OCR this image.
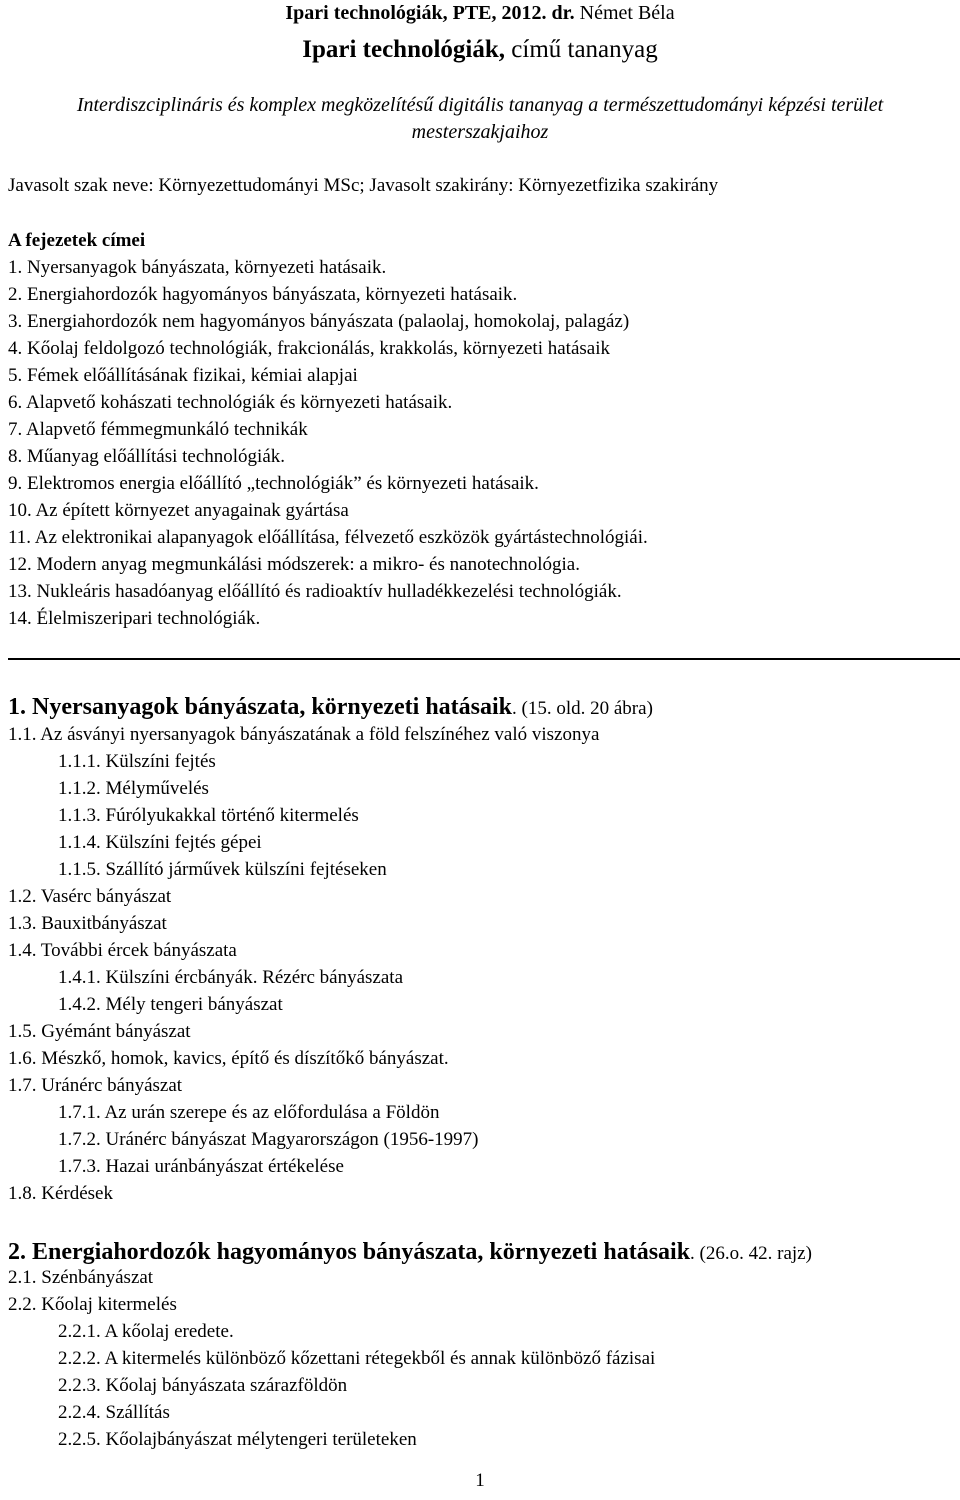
Ipari technológiák, PTE, 2012. dr. Német Béla
Ipari technológiák, című tananyag
Interdiszciplináris és komplex megközelítésű digitális tananyag a természettudományi képzési terület
mesterszakjaihoz
Javasolt szak neve: Környezettudományi MSc; Javasolt szakirány: Környezetfizika szakirány
A fejezetek címei
1. Nyersanyagok bányászata, környezeti hatásaik.
2. Energiahordozók hagyományos bányászata, környezeti hatásaik.
3. Energiahordozók nem hagyományos bányászata (palaolaj, homokolaj, palagáz)
4. Kőolaj feldolgozó technológiák, frakcionálás, krakkolás, környezeti hatásaik
5. Fémek előállításának fizikai, kémiai alapjai
6. Alapvető kohászati technológiák és környezeti hatásaik.
7. Alapvető fémmegmunkáló technikák
8. Műanyag előállítási technológiák.
9. Elektromos energia előállító „technológiák” és környezeti hatásaik.
10. Az épített környezet anyagainak gyártása
11. Az elektronikai alapanyagok előállítása, félvezető eszközök gyártástechnológiái.
12. Modern anyag megmunkálási módszerek: a mikro- és nanotechnológia.
13. Nukleáris hasadóanyag előállító és radioaktív hulladékkezelési technológiák.
14. Élelmiszeripari technológiák.
1. Nyersanyagok bányászata, környezeti hatásaik. (15. old. 20 ábra)
1.1. Az ásványi nyersanyagok bányászatának a föld felszínéhez való viszonya
1.1.1. Külszíni fejtés
1.1.2. Mélyművelés
1.1.3. Fúrólyukakkal történő kitermelés
1.1.4. Külszíni fejtés gépei
1.1.5. Szállító járművek külszíni fejtéseken
1.2. Vasérc bányászat
1.3. Bauxitbányászat
1.4. További ércek bányászata
1.4.1. Külszíni ércbányák. Rézérc bányászata
1.4.2. Mély tengeri bányászat
1.5. Gyémánt bányászat
1.6. Mészkő, homok, kavics, építő és díszítőkő bányászat.
1.7. Uránérc bányászat
1.7.1. Az urán szerepe és az előfordulása a Földön
1.7.2. Uránérc bányászat Magyarországon (1956-1997)
1.7.3. Hazai uránbányászat értékelése
1.8. Kérdések
2. Energiahordozók hagyományos bányászata, környezeti hatásaik. (26.o. 42. rajz)
2.1. Szénbányászat
2.2. Kőolaj kitermelés
2.2.1. A kőolaj eredete.
2.2.2. A kitermelés különböző kőzettani rétegekből és annak különböző fázisai
2.2.3. Kőolaj bányászata szárazföldön
2.2.4. Szállítás
2.2.5. Kőolajbányászat mélytengeri területeken
1
